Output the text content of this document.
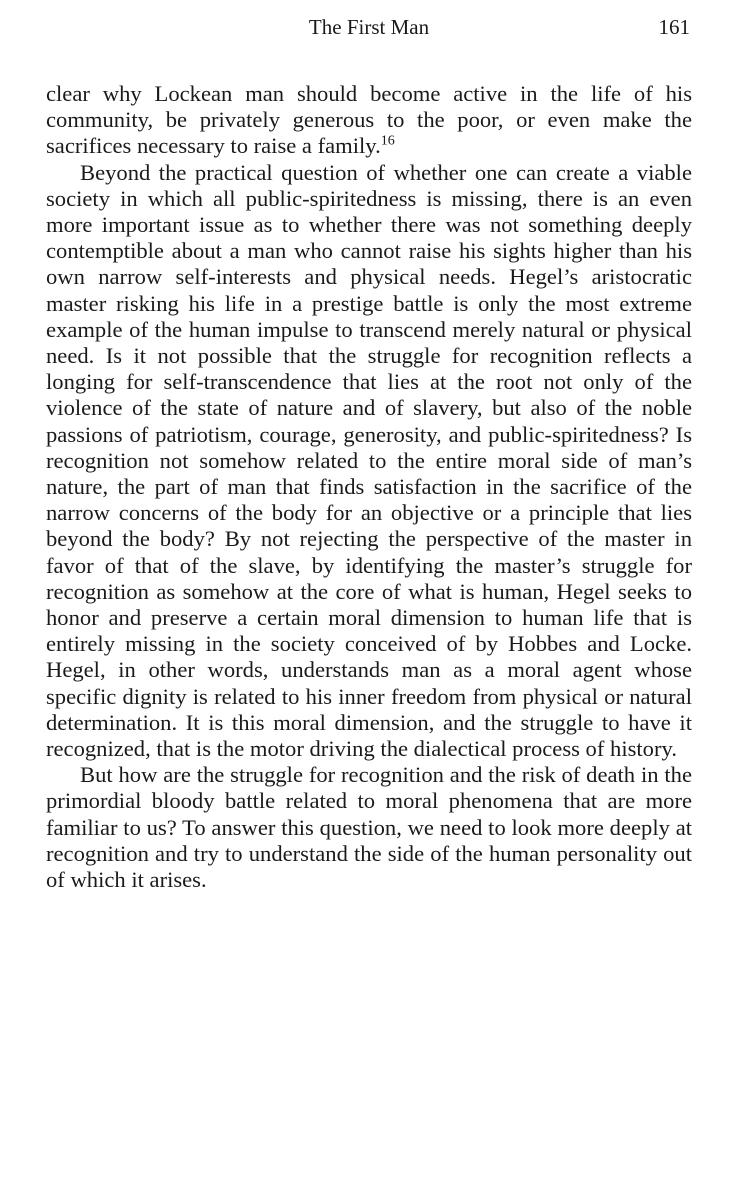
The First Man	161

clear why Lockean man should become active in the life of his community, be privately generous to the poor, or even make the sacrifices necessary to raise a family.$^{16}$

Beyond the practical question of whether one can create a viable society in which all public-spiritedness is missing, there is an even more important issue as to whether there was not something deeply contemptible about a man who cannot raise his sights higher than his own narrow self-interests and physical needs. Hegel’s aristocratic master risking his life in a prestige battle is only the most extreme example of the human impulse to transcend merely natural or physical need. Is it not possible that the struggle for recognition reflects a longing for self-transcendence that lies at the root not only of the violence of the state of nature and of slavery, but also of the noble passions of patriotism, courage, generosity, and public-spiritedness? Is recognition not somehow related to the entire moral side of man’s nature, the part of man that finds satisfaction in the sacrifice of the narrow concerns of the body for an objective or a principle that lies beyond the body? By not rejecting the perspective of the master in favor of that of the slave, by identifying the master’s struggle for recognition as somehow at the core of what is human, Hegel seeks to honor and preserve a certain moral dimension to human life that is entirely missing in the society conceived of by Hobbes and Locke. Hegel, in other words, understands man as a moral agent whose specific dignity is related to his inner freedom from physical or natural determination. It is this moral dimension, and the struggle to have it recognized, that is the motor driving the dialectical process of history.

But how are the struggle for recognition and the risk of death in the primordial bloody battle related to moral phenomena that are more familiar to us? To answer this question, we need to look more deeply at recognition and try to understand the side of the human personality out of which it arises.
